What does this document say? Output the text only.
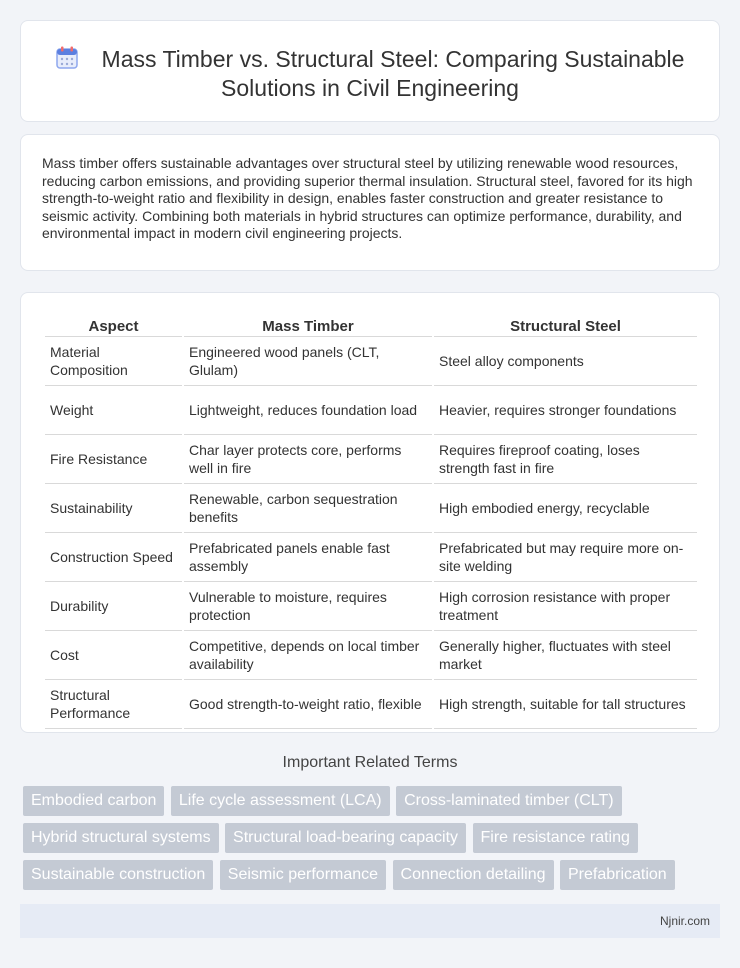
Mass Timber vs. Structural Steel: Comparing Sustainable Solutions in Civil Engineering

Mass timber offers sustainable advantages over structural steel by utilizing renewable wood resources, reducing carbon emissions, and providing superior thermal insulation. Structural steel, favored for its high strength-to-weight ratio and flexibility in design, enables faster construction and greater resistance to seismic activity. Combining both materials in hybrid structures can optimize performance, durability, and environmental impact in modern civil engineering projects.

Aspect	Mass Timber	Structural Steel
Material Composition	Engineered wood panels (CLT, Glulam)	Steel alloy components
Weight	Lightweight, reduces foundation load	Heavier, requires stronger foundations
Fire Resistance	Char layer protects core, performs well in fire	Requires fireproof coating, loses strength fast in fire
Sustainability	Renewable, carbon sequestration benefits	High embodied energy, recyclable
Construction Speed	Prefabricated panels enable fast assembly	Prefabricated but may require more on-site welding
Durability	Vulnerable to moisture, requires protection	High corrosion resistance with proper treatment
Cost	Competitive, depends on local timber availability	Generally higher, fluctuates with steel market
Structural Performance	Good strength-to-weight ratio, flexible	High strength, suitable for tall structures
Important Related Terms
Embodied carbon Life cycle assessment (LCA) Cross-laminated timber (CLT) Hybrid structural systems Structural load-bearing capacity Fire resistance rating Sustainable construction Seismic performance Connection detailing Prefabrication
Njnir.com
